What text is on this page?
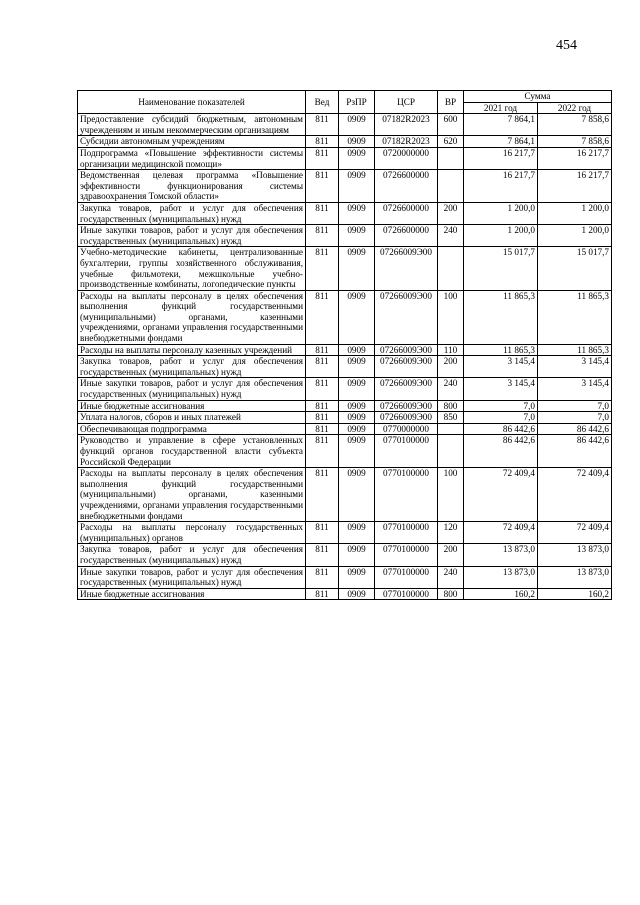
454
Наименование показателей	Вед	РзПР	ЦСР	ВР	Сумма	
					2021 год	2022 год
Предоставление субсидий бюджетным, автономным учреждениям и иным некоммерческим организациям	811	0909	07182R2023	600	7 864,1	7 858,6
Субсидии автономным учреждениям	811	0909	07182R2023	620	7 864,1	7 858,6
Подпрограмма «Повышение эффективности системы организации медицинской помощи»	811	0909	0720000000		16 217,7	16 217,7
Ведомственная целевая программа «Повышение эффективности функционирования системы здравоохранения Томской области»	811	0909	0726600000		16 217,7	16 217,7
Закупка товаров, работ и услуг для обеспечения государственных (муниципальных) нужд	811	0909	0726600000	200	1 200,0	1 200,0
Иные закупки товаров, работ и услуг для обеспечения государственных (муниципальных) нужд	811	0909	0726600000	240	1 200,0	1 200,0
Учебно-методические кабинеты, централизованные бухгалтерии, группы хозяйственного обслуживания, учебные фильмотеки, межшкольные учебно-производственные комбинаты, логопедические пункты	811	0909	07266009Э00		15 017,7	15 017,7
Расходы на выплаты персоналу в целях обеспечения выполнения функций государственными (муниципальными) органами, казенными учреждениями, органами управления государственными внебюджетными фондами	811	0909	07266009Э00	100	11 865,3	11 865,3
Расходы на выплаты персоналу казенных учреждений	811	0909	07266009Э00	110	11 865,3	11 865,3
Закупка товаров, работ и услуг для обеспечения государственных (муниципальных) нужд	811	0909	07266009Э00	200	3 145,4	3 145,4
Иные закупки товаров, работ и услуг для обеспечения государственных (муниципальных) нужд	811	0909	07266009Э00	240	3 145,4	3 145,4
Иные бюджетные ассигнования	811	0909	07266009Э00	800	7,0	7,0
Уплата налогов, сборов и иных платежей	811	0909	07266009Э00	850	7,0	7,0
Обеспечивающая подпрограмма	811	0909	0770000000		86 442,6	86 442,6
Руководство и управление в сфере установленных функций органов государственной власти субъекта Российской Федерации	811	0909	0770100000		86 442,6	86 442,6
Расходы на выплаты персоналу в целях обеспечения выполнения функций государственными (муниципальными) органами, казенными учреждениями, органами управления государственными внебюджетными фондами	811	0909	0770100000	100	72 409,4	72 409,4
Расходы на выплаты персоналу государственных (муниципальных) органов	811	0909	0770100000	120	72 409,4	72 409,4
Закупка товаров, работ и услуг для обеспечения государственных (муниципальных) нужд	811	0909	0770100000	200	13 873,0	13 873,0
Иные закупки товаров, работ и услуг для обеспечения государственных (муниципальных) нужд	811	0909	0770100000	240	13 873,0	13 873,0
Иные бюджетные ассигнования	811	0909	0770100000	800	160,2	160,2
